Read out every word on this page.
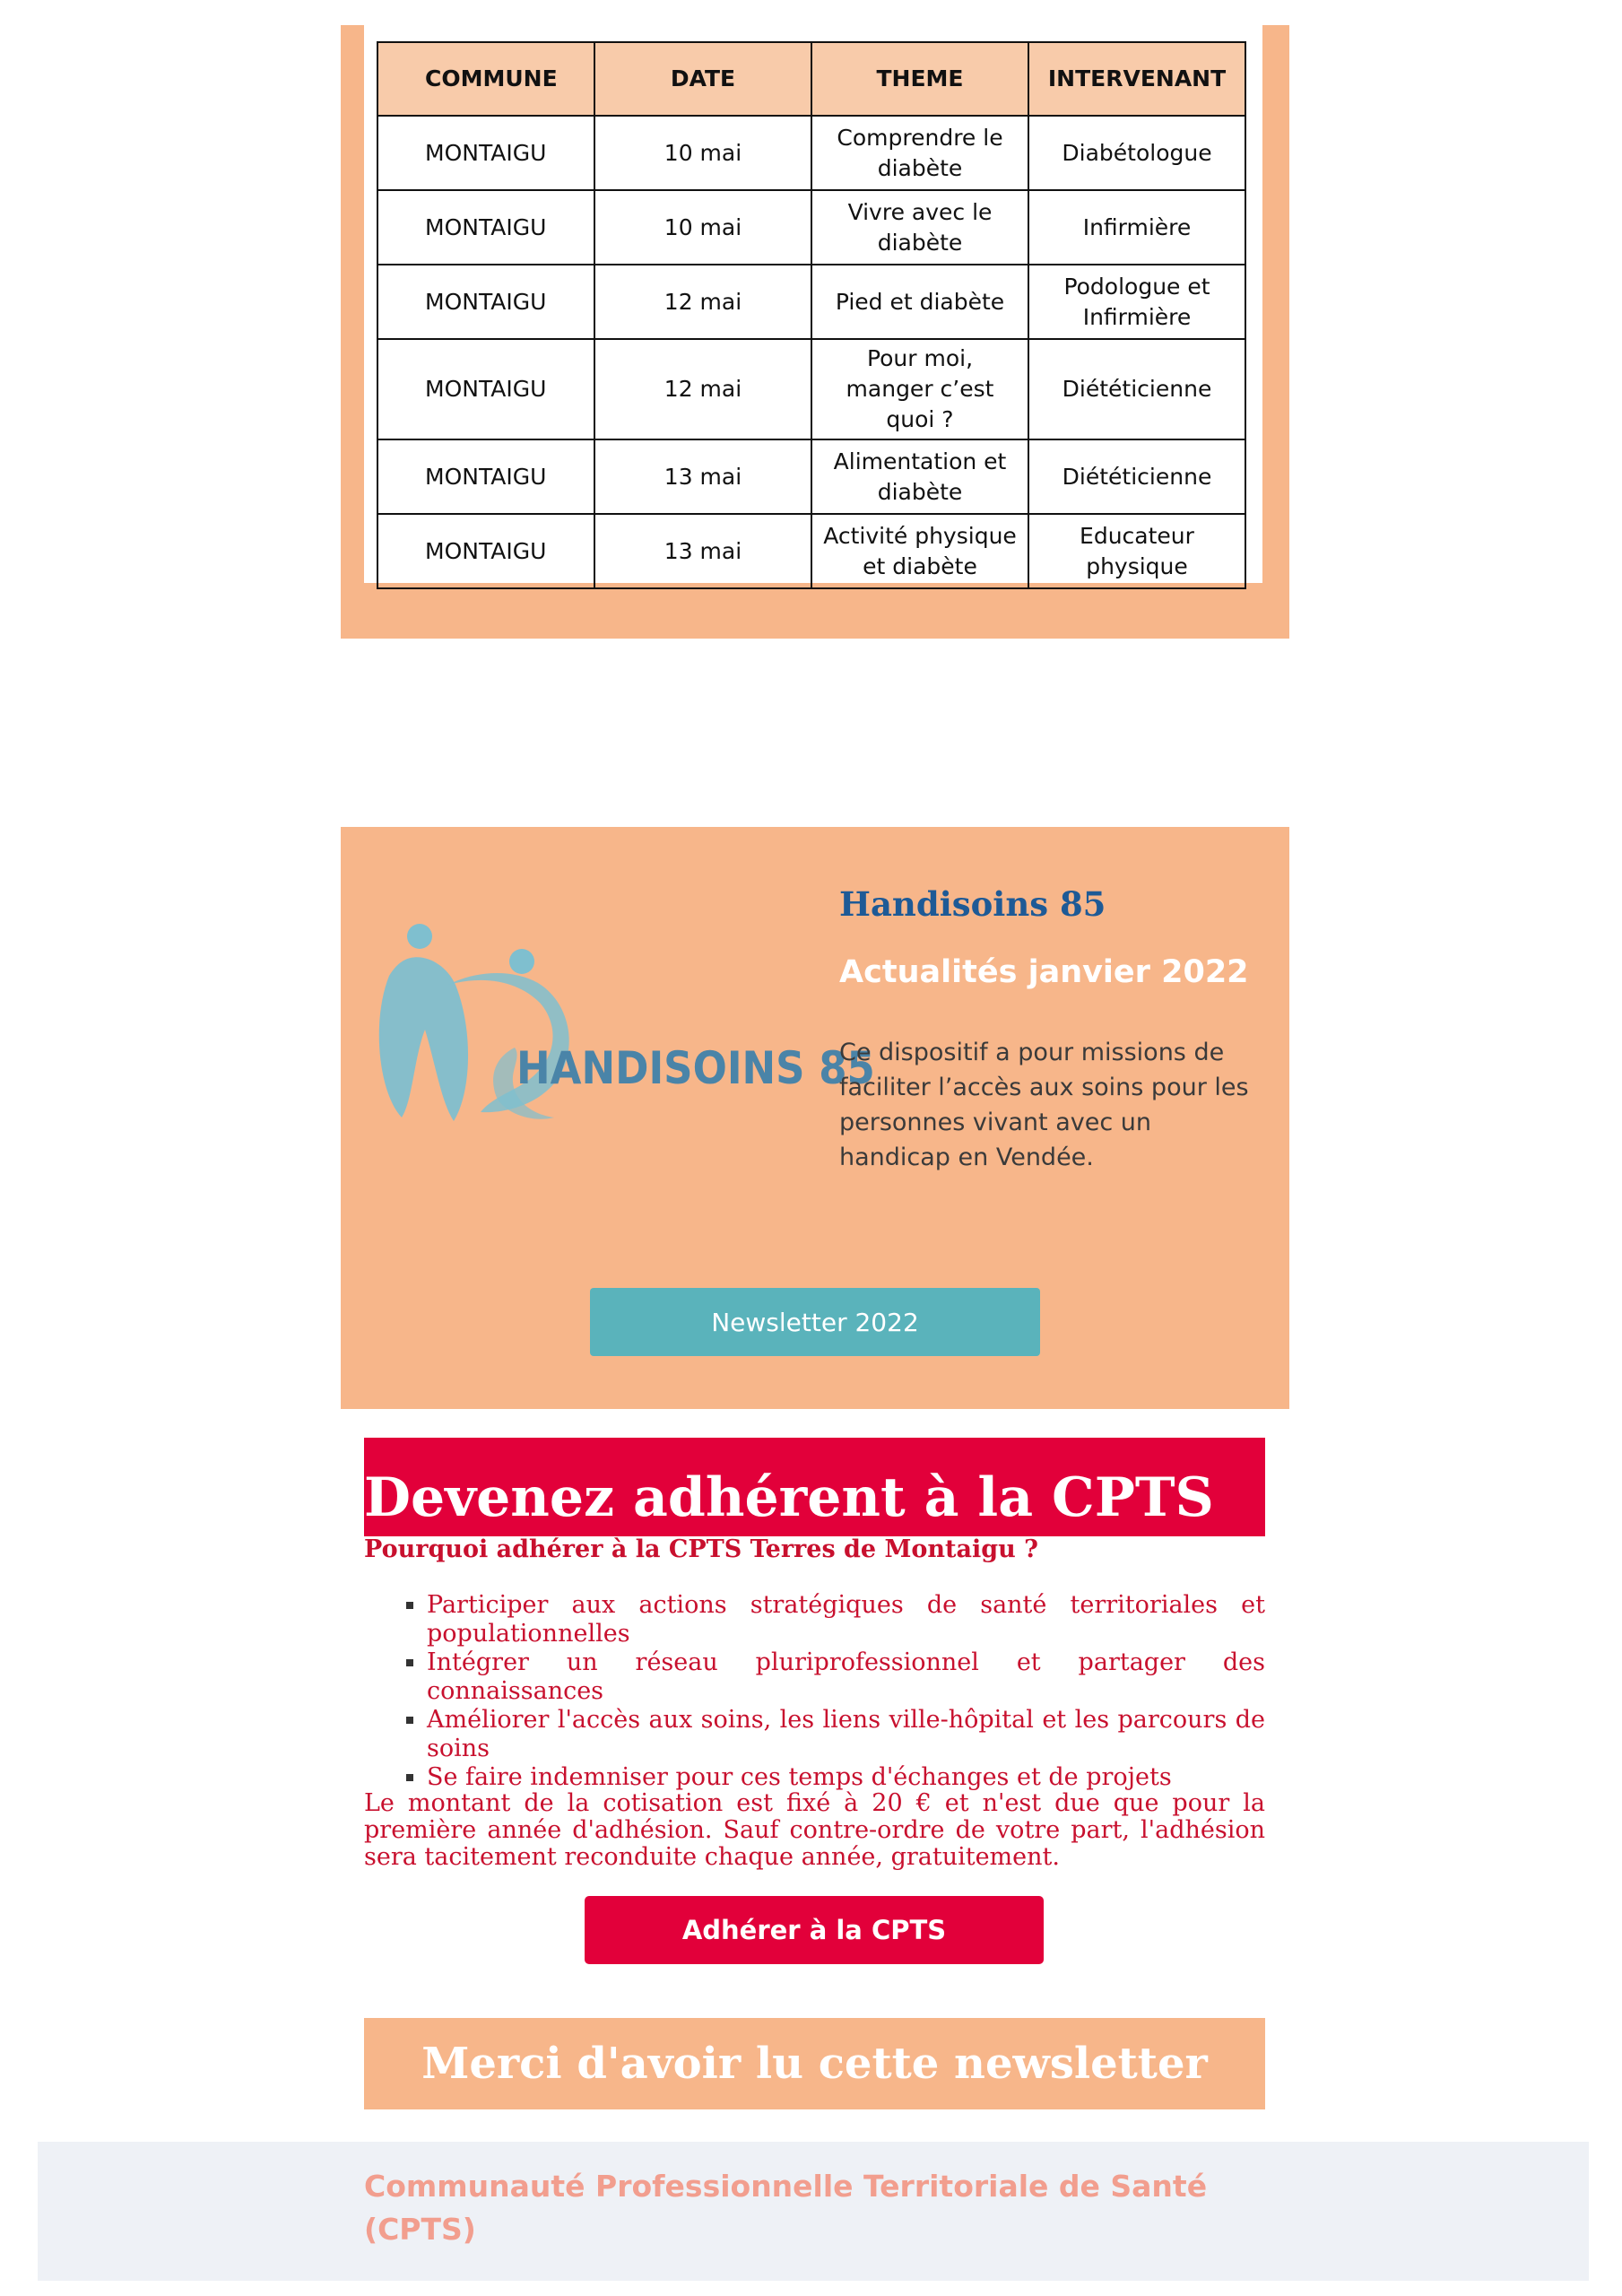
COMMUNE	DATE	THEME	INTERVENANT
MONTAIGU	10 mai	Comprendre le diabète	Diabétologue
MONTAIGU	10 mai	Vivre avec le diabète	Infirmière
MONTAIGU	12 mai	Pied et diabète	Podologue et Infirmière
MONTAIGU	12 mai	Pour moi, manger c’est quoi ?	Diététicienne
MONTAIGU	13 mai	Alimentation et diabète	Diététicienne
MONTAIGU	13 mai	Activité physique et diabète	Educateur physique
HANDISOINS 85
Handisoins 85
Actualités janvier 2022

Ce dispositif a pour missions de faciliter l’accès aux soins pour les personnes vivant avec un handicap en Vendée.

Newsletter 2022
Devenez adhérent à la CPTS

Pourquoi adhérer à la CPTS Terres de Montaigu ?

▪ Participer aux actions stratégiques de santé territoriales et populationnelles
▪ Intégrer un réseau pluriprofessionnel et partager des connaissances
▪ Améliorer l'accès aux soins, les liens ville-hôpital et les parcours de soins
▪ Se faire indemniser pour ces temps d'échanges et de projets

Le montant de la cotisation est fixé à 20 € et n'est due que pour la première année d'adhésion. Sauf contre-ordre de votre part, l'adhésion sera tacitement reconduite chaque année, gratuitement.

Adhérer à la CPTS
Merci d'avoir lu cette newsletter

Communauté Professionnelle Territoriale de Santé (CPTS)
